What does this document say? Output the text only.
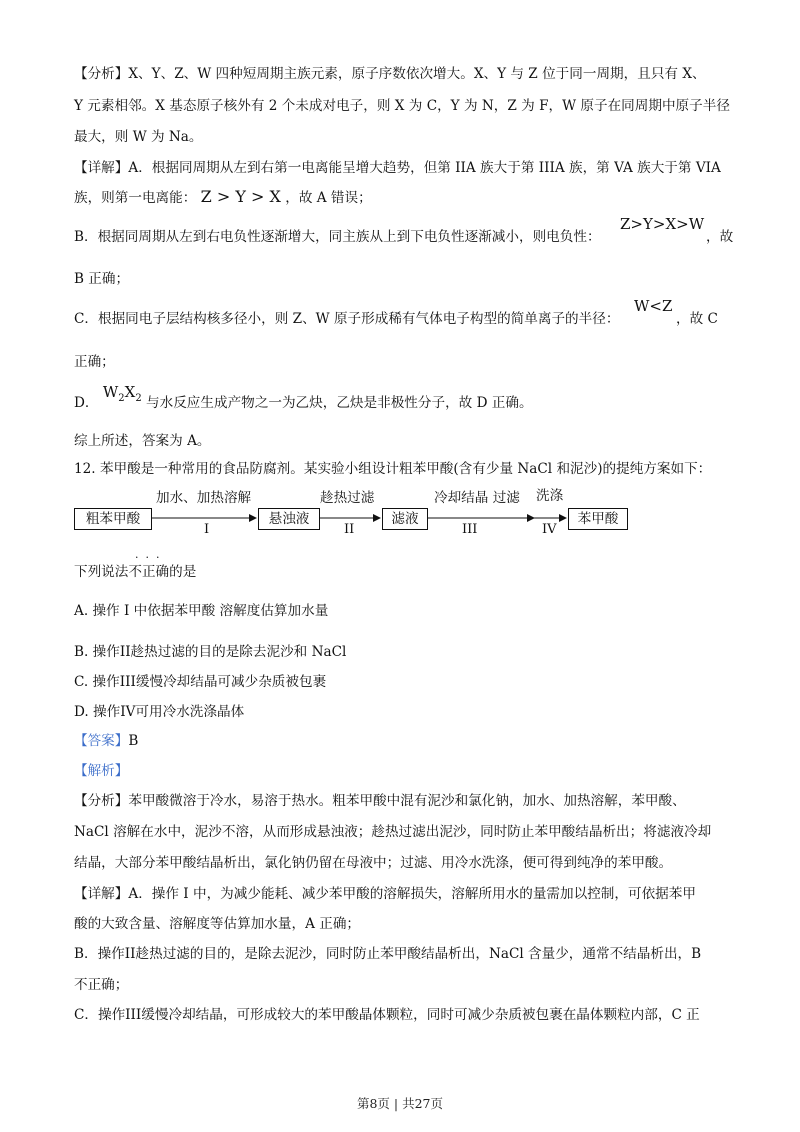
【分析】X、Y、Z、W 四种短周期主族元素，原子序数依次增大。X、Y 与 Z 位于同一周期，且只有 X、
Y 元素相邻。X 基态原子核外有 2 个未成对电子，则 X 为 C，Y 为 N，Z 为 F，W 原子在同周期中原子半径
最大，则 W 为 Na。
【详解】A．根据同周期从左到右第一电离能呈增大趋势，但第 IIA 族大于第 IIIA 族，第 VA 族大于第 VIA
族，则第一电离能： Z > Y > X ，故 A 错误；
B．根据同周期从左到右电负性逐渐增大，同主族从上到下电负性逐渐减小，则电负性：
Z>Y>X>W
，故
B 正确；
C．根据同电子层结构核多径小，则 Z、W 原子形成稀有气体电子构型的简单离子的半径：
W<Z
，故 C
正确；
D． $W_2X_2$ 与水反应生成产物之一为乙炔，乙炔是非极性分子，故 D 正确。
综上所述，答案为 A。
12. 苯甲酸是一种常用的食品防腐剂。某实验小组设计粗苯甲酸(含有少量 NaCl 和泥沙)的提纯方案如下：
粗苯甲酸
加水、加热溶解
I
悬浊液
趁热过滤
II
滤液
冷却结晶 过滤
III
洗涤
IV
苯甲酸
·  ·  ·
下列说法不正确的是
A. 操作 I 中依据苯甲酸 溶解度估算加水量
B. 操作II趁热过滤的目的是除去泥沙和 NaCl
C. 操作III缓慢冷却结晶可减少杂质被包裹
D. 操作IV可用冷水洗涤晶体
【答案】B
【解析】
【分析】苯甲酸微溶于冷水，易溶于热水。粗苯甲酸中混有泥沙和氯化钠，加水、加热溶解，苯甲酸、
NaCl 溶解在水中，泥沙不溶，从而形成悬浊液；趁热过滤出泥沙，同时防止苯甲酸结晶析出；将滤液冷却
结晶，大部分苯甲酸结晶析出，氯化钠仍留在母液中；过滤、用冷水洗涤，便可得到纯净的苯甲酸。
【详解】A．操作 I 中，为减少能耗、减少苯甲酸的溶解损失，溶解所用水的量需加以控制，可依据苯甲
酸的大致含量、溶解度等估算加水量，A 正确；
B．操作II趁热过滤的目的，是除去泥沙，同时防止苯甲酸结晶析出，NaCl 含量少，通常不结晶析出，B
不正确；
C．操作III缓慢冷却结晶，可形成较大的苯甲酸晶体颗粒，同时可减少杂质被包裹在晶体颗粒内部，C 正
第8页 | 共27页
